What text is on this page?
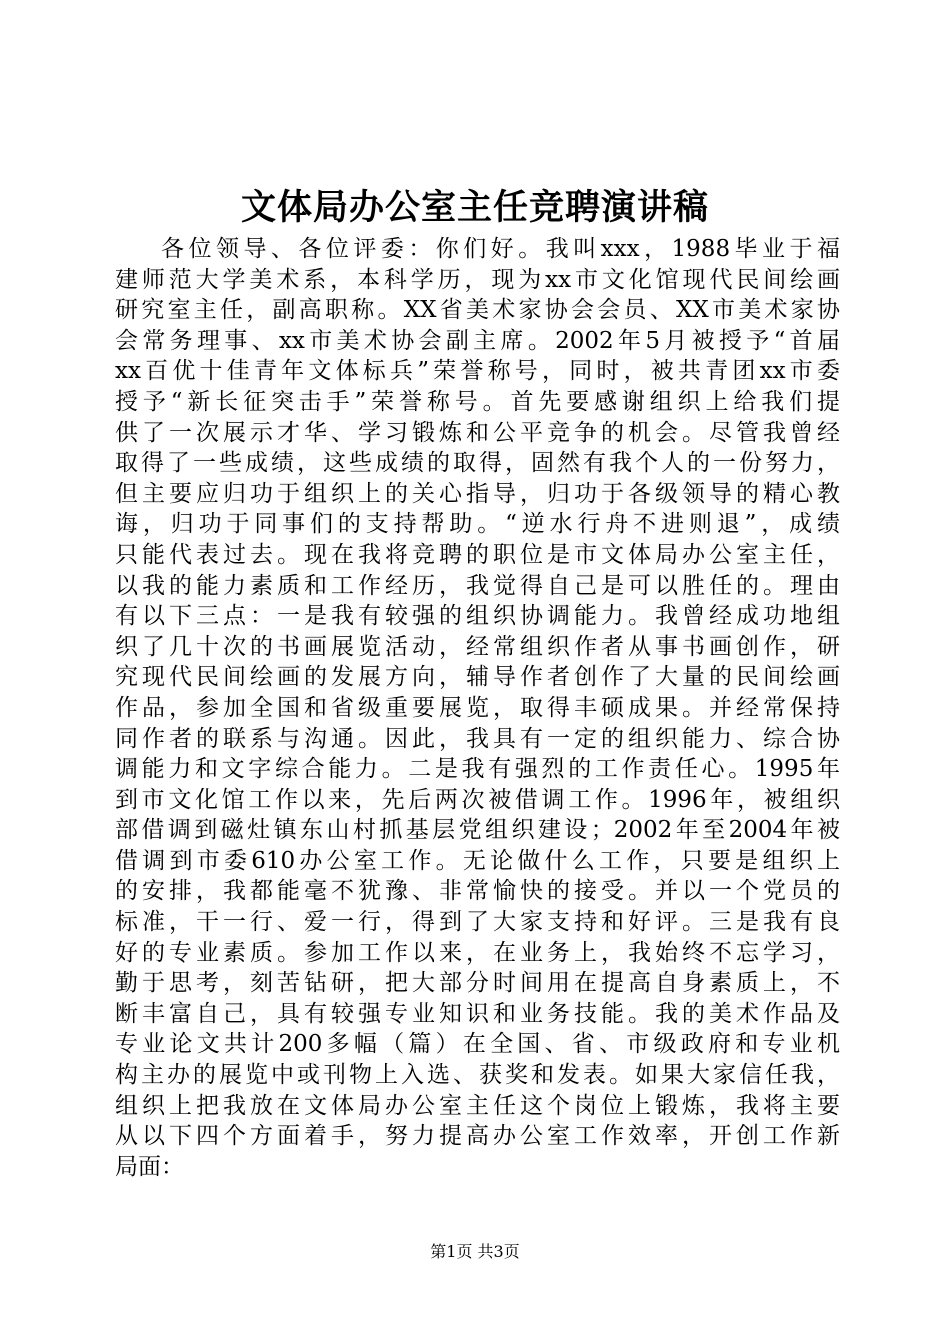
文体局办公室主任竞聘演讲稿
各位领导、各位评委：你们好。我叫xxx，1988毕业于福
建师范大学美术系，本科学历，现为xx市文化馆现代民间绘画
研究室主任，副高职称。XX省美术家协会会员、XX市美术家协
会常务理事、xx市美术协会副主席。2002年5月被授予“首届
xx百优十佳青年文体标兵”荣誉称号，同时，被共青团xx市委
授予“新长征突击手”荣誉称号。首先要感谢组织上给我们提
供了一次展示才华、学习锻炼和公平竞争的机会。尽管我曾经
取得了一些成绩，这些成绩的取得，固然有我个人的一份努力，
但主要应归功于组织上的关心指导，归功于各级领导的精心教
诲，归功于同事们的支持帮助。“逆水行舟不进则退”，成绩
只能代表过去。现在我将竞聘的职位是市文体局办公室主任，
以我的能力素质和工作经历，我觉得自己是可以胜任的。理由
有以下三点：一是我有较强的组织协调能力。我曾经成功地组
织了几十次的书画展览活动，经常组织作者从事书画创作，研
究现代民间绘画的发展方向，辅导作者创作了大量的民间绘画
作品，参加全国和省级重要展览，取得丰硕成果。并经常保持
同作者的联系与沟通。因此，我具有一定的组织能力、综合协
调能力和文字综合能力。二是我有强烈的工作责任心。1995年
到市文化馆工作以来，先后两次被借调工作。1996年，被组织
部借调到磁灶镇东山村抓基层党组织建设；2002年至2004年被
借调到市委610办公室工作。无论做什么工作，只要是组织上
的安排，我都能毫不犹豫、非常愉快的接受。并以一个党员的
标准，干一行、爱一行，得到了大家支持和好评。三是我有良
好的专业素质。参加工作以来，在业务上，我始终不忘学习，
勤于思考，刻苦钻研，把大部分时间用在提高自身素质上，不
断丰富自己，具有较强专业知识和业务技能。我的美术作品及
专业论文共计200多幅（篇）在全国、省、市级政府和专业机
构主办的展览中或刊物上入选、获奖和发表。如果大家信任我，
组织上把我放在文体局办公室主任这个岗位上锻炼，我将主要
从以下四个方面着手，努力提高办公室工作效率，开创工作新
局面：
第1页 共3页
